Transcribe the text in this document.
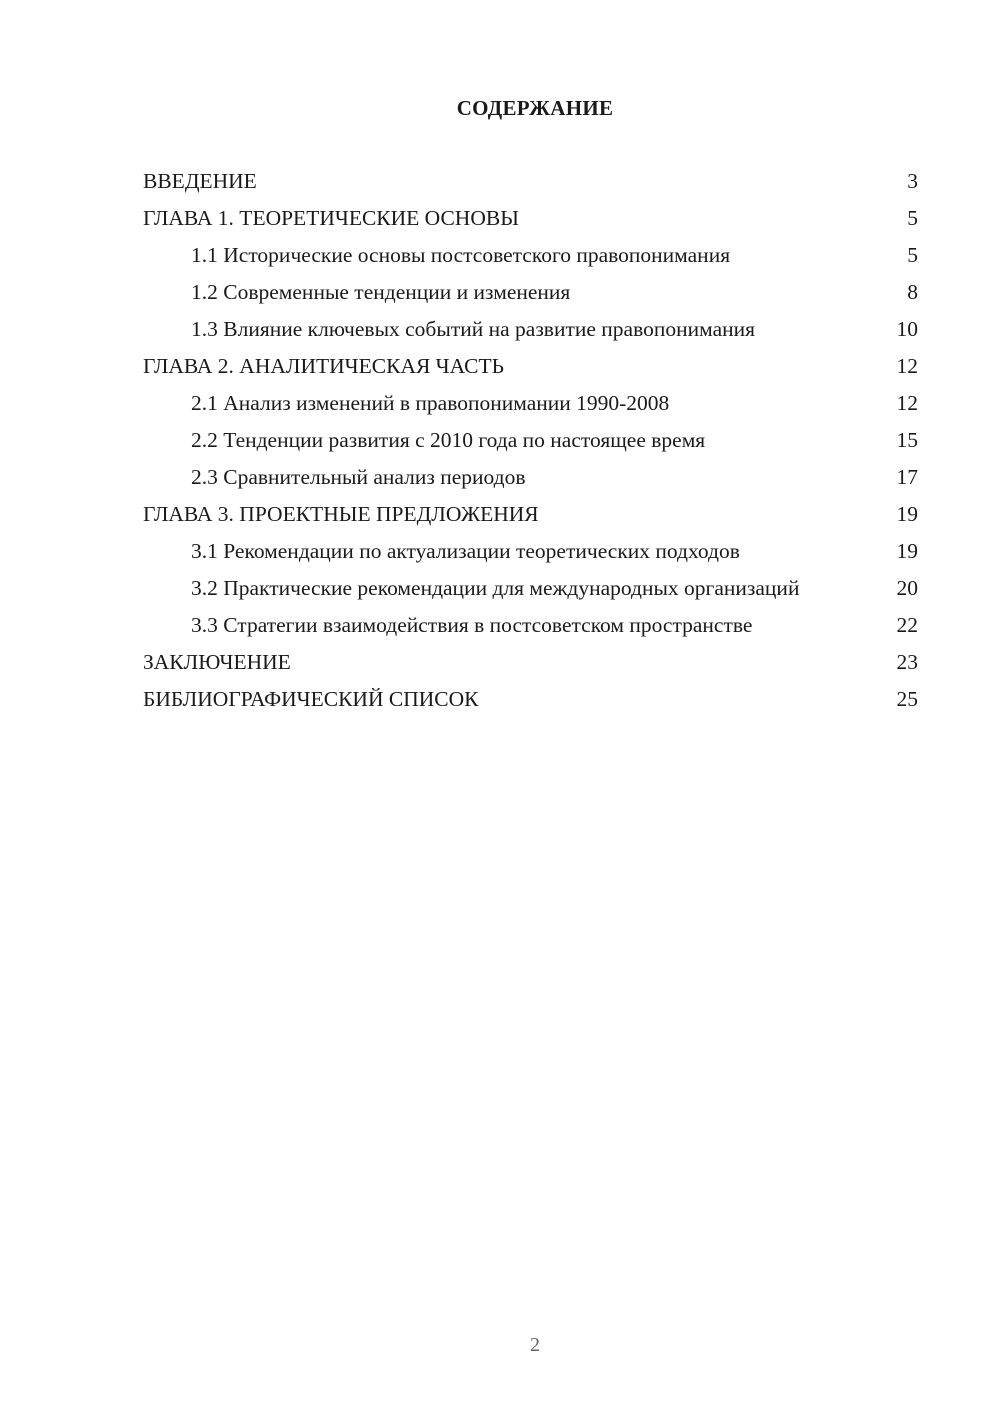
СОДЕРЖАНИЕ
ВВЕДЕНИЕ	3
ГЛАВА 1. ТЕОРЕТИЧЕСКИЕ ОСНОВЫ	5
1.1 Исторические основы постсоветского правопонимания	5
1.2 Современные тенденции и изменения	8
1.3 Влияние ключевых событий на развитие правопонимания	10
ГЛАВА 2. АНАЛИТИЧЕСКАЯ ЧАСТЬ	12
2.1 Анализ изменений в правопонимании 1990-2008	12
2.2 Тенденции развития с 2010 года по настоящее время	15
2.3 Сравнительный анализ периодов	17
ГЛАВА 3. ПРОЕКТНЫЕ ПРЕДЛОЖЕНИЯ	19
3.1 Рекомендации по актуализации теоретических подходов	19
3.2 Практические рекомендации для международных организаций	20
3.3 Стратегии взаимодействия в постсоветском пространстве	22
ЗАКЛЮЧЕНИЕ	23
БИБЛИОГРАФИЧЕСКИЙ СПИСОК	25
2
